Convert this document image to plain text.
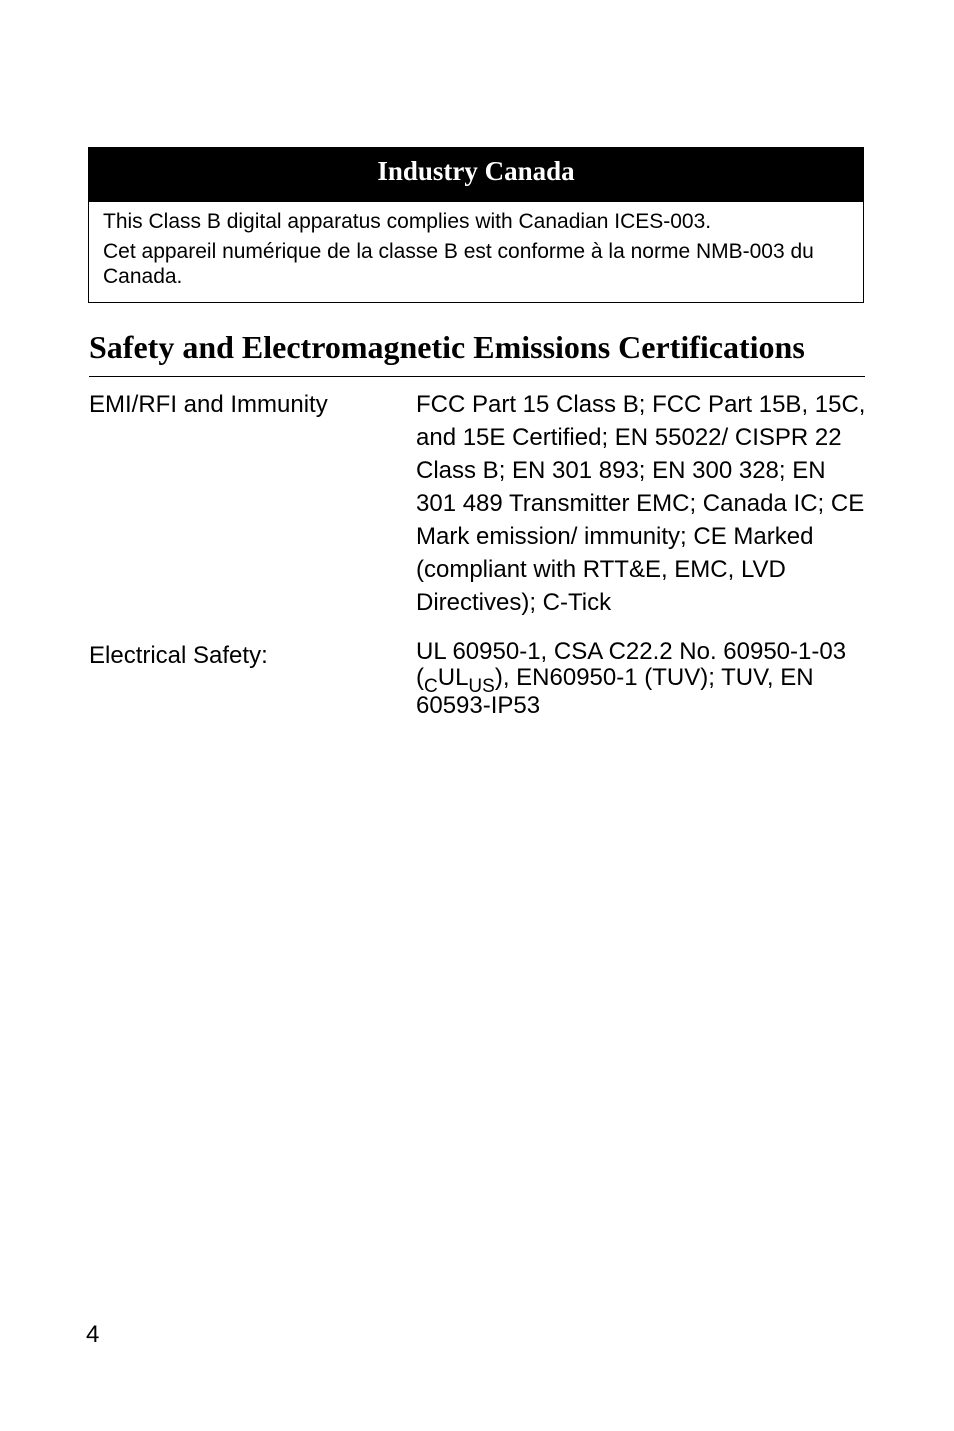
Industry Canada
This Class B digital apparatus complies with Canadian ICES-003.
Cet appareil numérique de la classe B est conforme à la norme NMB-003 du Canada.
Safety and Electromagnetic Emissions Certifications
EMI/RFI and Immunity	FCC Part 15 Class B; FCC Part 15B, 15C, and 15E Certified; EN 55022/ CISPR 22 Class B; EN 301 893; EN 300 328; EN 301 489 Transmitter EMC; Canada IC; CE Mark emission/ immunity; CE Marked (compliant with RTT&E, EMC, LVD Directives); C-Tick
Electrical Safety:	UL 60950-1, CSA C22.2 No. 60950-1-03 $(_CUL_{US})$, EN60950-1 (TUV); TUV, EN 60593-IP53
4
